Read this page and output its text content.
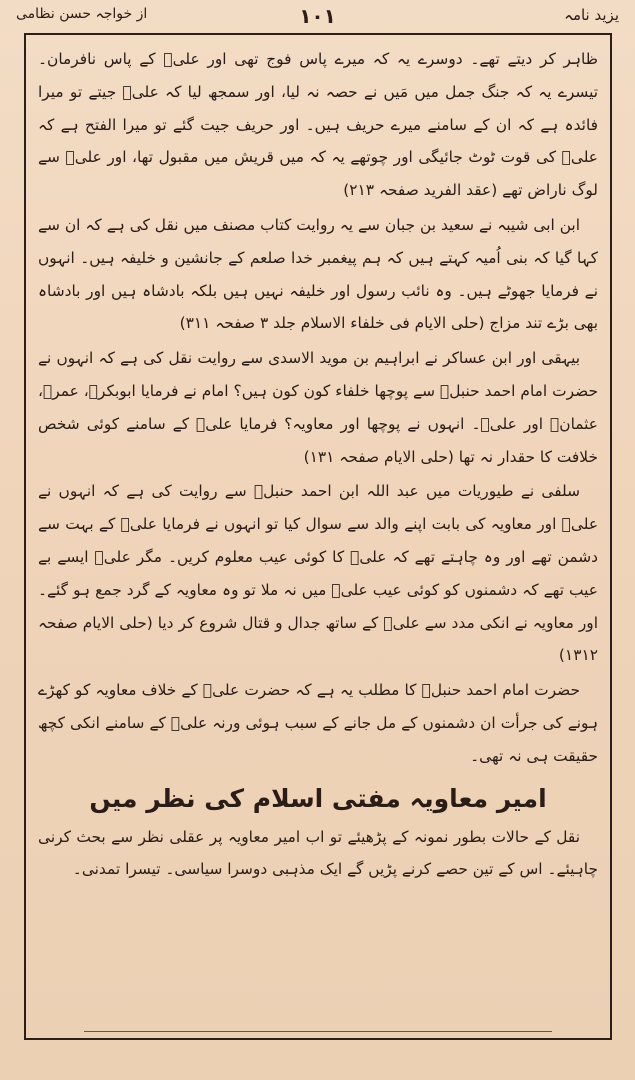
یزید نامہ
۱۰۱
از خواجہ حسن نظامی

ظاہر کر دیتے تھے۔ دوسرے یہ کہ میرے پاس فوج تھی اور علیؓ کے پاس نافرمان۔ تیسرے یہ کہ جنگ جمل میں مَیں نے حصہ نہ لیا، اور سمجھ لیا کہ علیؓ جیتے تو میرا فائدہ ہے کہ ان کے سامنے میرے حریف ہیں۔ اور حریف جیت گئے تو میرا الفتح ہے کہ علیؓ کی قوت ٹوٹ جائیگی اور چوتھے یہ کہ میں قریش میں مقبول تھا، اور علیؓ سے لوگ ناراض تھے (عقد الفرید صفحہ ۲۱۳)

ابن ابی شیبہ نے سعید بن جبان سے یہ روایت کتاب مصنف میں نقل کی ہے کہ ان سے کہا گیا کہ بنی اُمیہ کہتے ہیں کہ ہم پیغمبر خدا صلعم کے جانشین و خلیفہ ہیں۔ انہوں نے فرمایا جھوٹے ہیں۔ وہ نائب رسول اور خلیفہ نہیں ہیں بلکہ بادشاہ ہیں اور بادشاہ بھی بڑے تند مزاج (حلی الایام فی خلفاء الاسلام جلد ۳ صفحہ ۳۱۱)

بیہقی اور ابن عساکر نے ابراہیم بن موید الاسدی سے روایت نقل کی ہے کہ انہوں نے حضرت امام احمد حنبلؒ سے پوچھا خلفاء کون کون ہیں؟ امام نے فرمایا ابوبکرؓ، عمرؓ، عثمانؓ اور علیؓ۔ انہوں نے پوچھا اور معاویہ؟ فرمایا علیؓ کے سامنے کوئی شخص خلافت کا حقدار نہ تھا (حلی الایام صفحہ ۱۳۱)

سلفی نے طیوریات میں عبد اللہ ابن احمد حنبلؒ سے روایت کی ہے کہ انہوں نے علیؓ اور معاویہ کی بابت اپنے والد سے سوال کیا تو انہوں نے فرمایا علیؓ کے بہت سے دشمن تھے اور وہ چاہتے تھے کہ علیؓ کا کوئی عیب معلوم کریں۔ مگر علیؓ ایسے بے عیب تھے کہ دشمنوں کو کوئی عیب علیؓ میں نہ ملا تو وہ معاویہ کے گرد جمع ہو گئے۔ اور معاویہ نے انکی مدد سے علیؓ کے ساتھ جدال و قتال شروع کر دیا (حلی الایام صفحہ ۱۳۱۲)

حضرت امام احمد حنبلؒ کا مطلب یہ ہے کہ حضرت علیؓ کے خلاف معاویہ کو کھڑے ہونے کی جرأت ان دشمنوں کے مل جانے کے سبب ہوئی ورنہ علیؓ کے سامنے انکی کچھ حقیقت ہی نہ تھی۔

امیر معاویہ مفتی اسلام کی نظر میں

نقل کے حالات بطور نمونہ کے پڑھیئے تو اب امیر معاویہ پر عقلی نظر سے بحث کرنی چاہیئے۔ اس کے تین حصے کرنے پڑیں گے ایک مذہبی دوسرا سیاسی۔ تیسرا تمدنی۔
